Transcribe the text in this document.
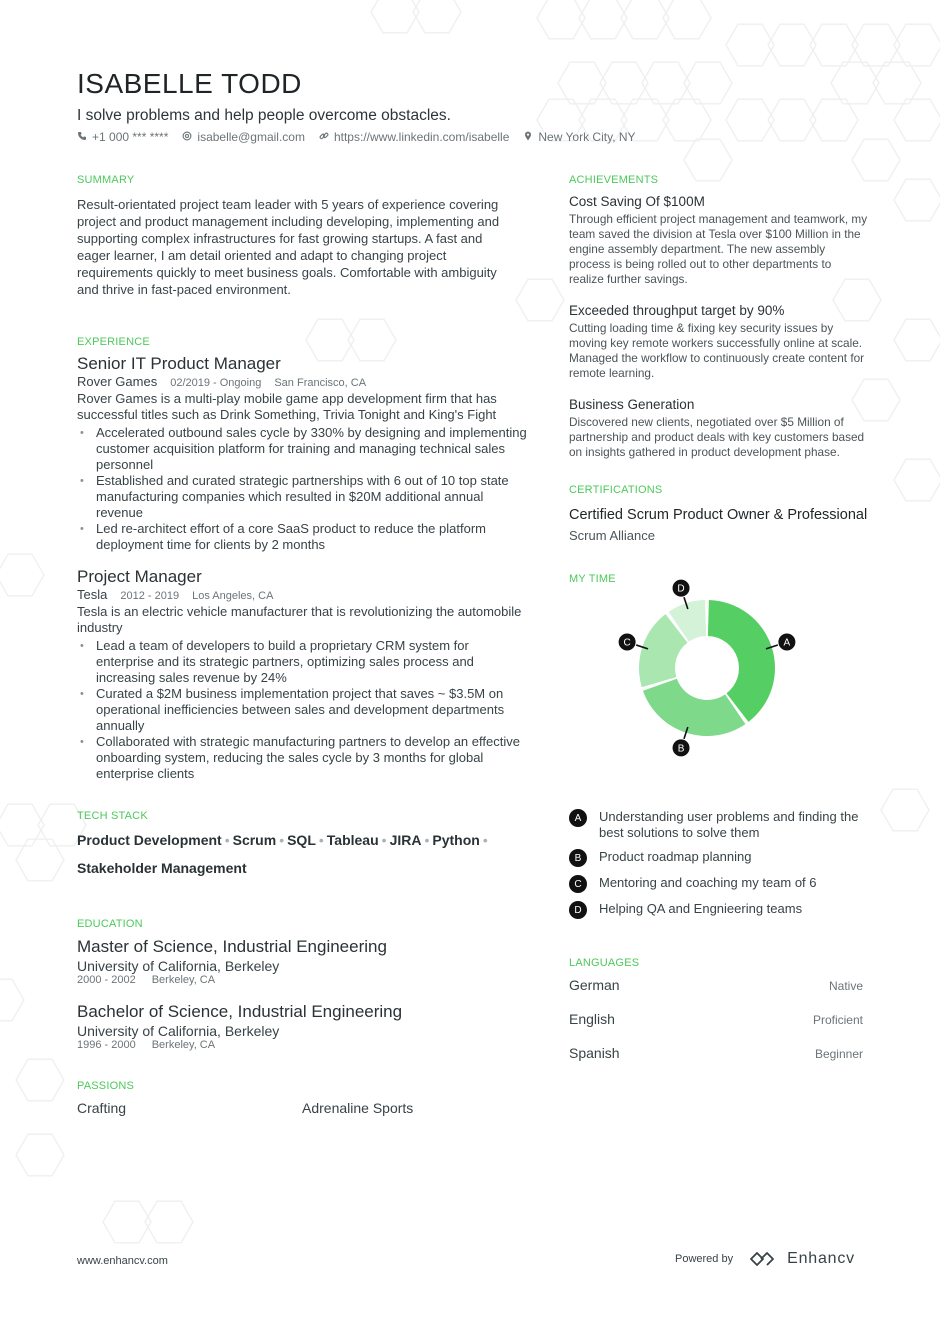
ISABELLE TODD
I solve problems and help people overcome obstacles.
+1 000 *** **** isabelle@gmail.com https://www.linkedin.com/isabelle New York City, NY
SUMMARY
Result-orientated project team leader with 5 years of experience covering project and product management including developing, implementing and supporting complex infrastructures for fast growing startups. A fast and eager learner, I am detail oriented and adapt to changing project requirements quickly to meet business goals. Comfortable with ambiguity and thrive in fast-paced environment.
EXPERIENCE
Senior IT Product Manager
Rover Games 02/2019 - Ongoing San Francisco, CA
Rover Games is a multi-play mobile game app development firm that has successful titles such as Drink Something, Trivia Tonight and King's Fight
• Accelerated outbound sales cycle by 330% by designing and implementing customer acquisition platform for training and managing technical sales personnel
• Established and curated strategic partnerships with 6 out of 10 top state manufacturing companies which resulted in $20M additional annual revenue
• Led re-architect effort of a core SaaS product to reduce the platform deployment time for clients by 2 months
Project Manager
Tesla 2012 - 2019 Los Angeles, CA
Tesla is an electric vehicle manufacturer that is revolutionizing the automobile industry
• Lead a team of developers to build a proprietary CRM system for enterprise and its strategic partners, optimizing sales process and increasing sales revenue by 24%
• Curated a $2M business implementation project that saves ~ $3.5M on operational inefficiencies between sales and development departments annually
• Collaborated with strategic manufacturing partners to develop an effective onboarding system, reducing the sales cycle by 3 months for global enterprise clients
TECH STACK
Product Development • Scrum • SQL • Tableau • JIRA • Python •
Stakeholder Management
EDUCATION
Master of Science, Industrial Engineering
University of California, Berkeley
2000 - 2002 Berkeley, CA
Bachelor of Science, Industrial Engineering
University of California, Berkeley
1996 - 2000 Berkeley, CA
PASSIONS
Crafting	Adrenaline Sports
ACHIEVEMENTS
Cost Saving Of $100M
Through efficient project management and teamwork, my team saved the division at Tesla over $100 Million in the engine assembly department. The new assembly process is being rolled out to other departments to realize further savings.
Exceeded throughput target by 90%
Cutting loading time & fixing key security issues by moving key remote workers successfully online at scale. Managed the workflow to continuously create content for remote learning.
Business Generation
Discovered new clients, negotiated over $5 Million of partnership and product deals with key customers based on insights gathered in product development phase.
CERTIFICATIONS
Certified Scrum Product Owner & Professional
Scrum Alliance
MY TIME
A
B
C
D
A	Understanding user problems and finding the best solutions to solve them
B	Product roadmap planning
C	Mentoring and coaching my team of 6
D	Helping QA and Engnieering teams
LANGUAGES
German	Native
English	Proficient
Spanish	Beginner
www.enhancv.com	Powered by	Enhancv
